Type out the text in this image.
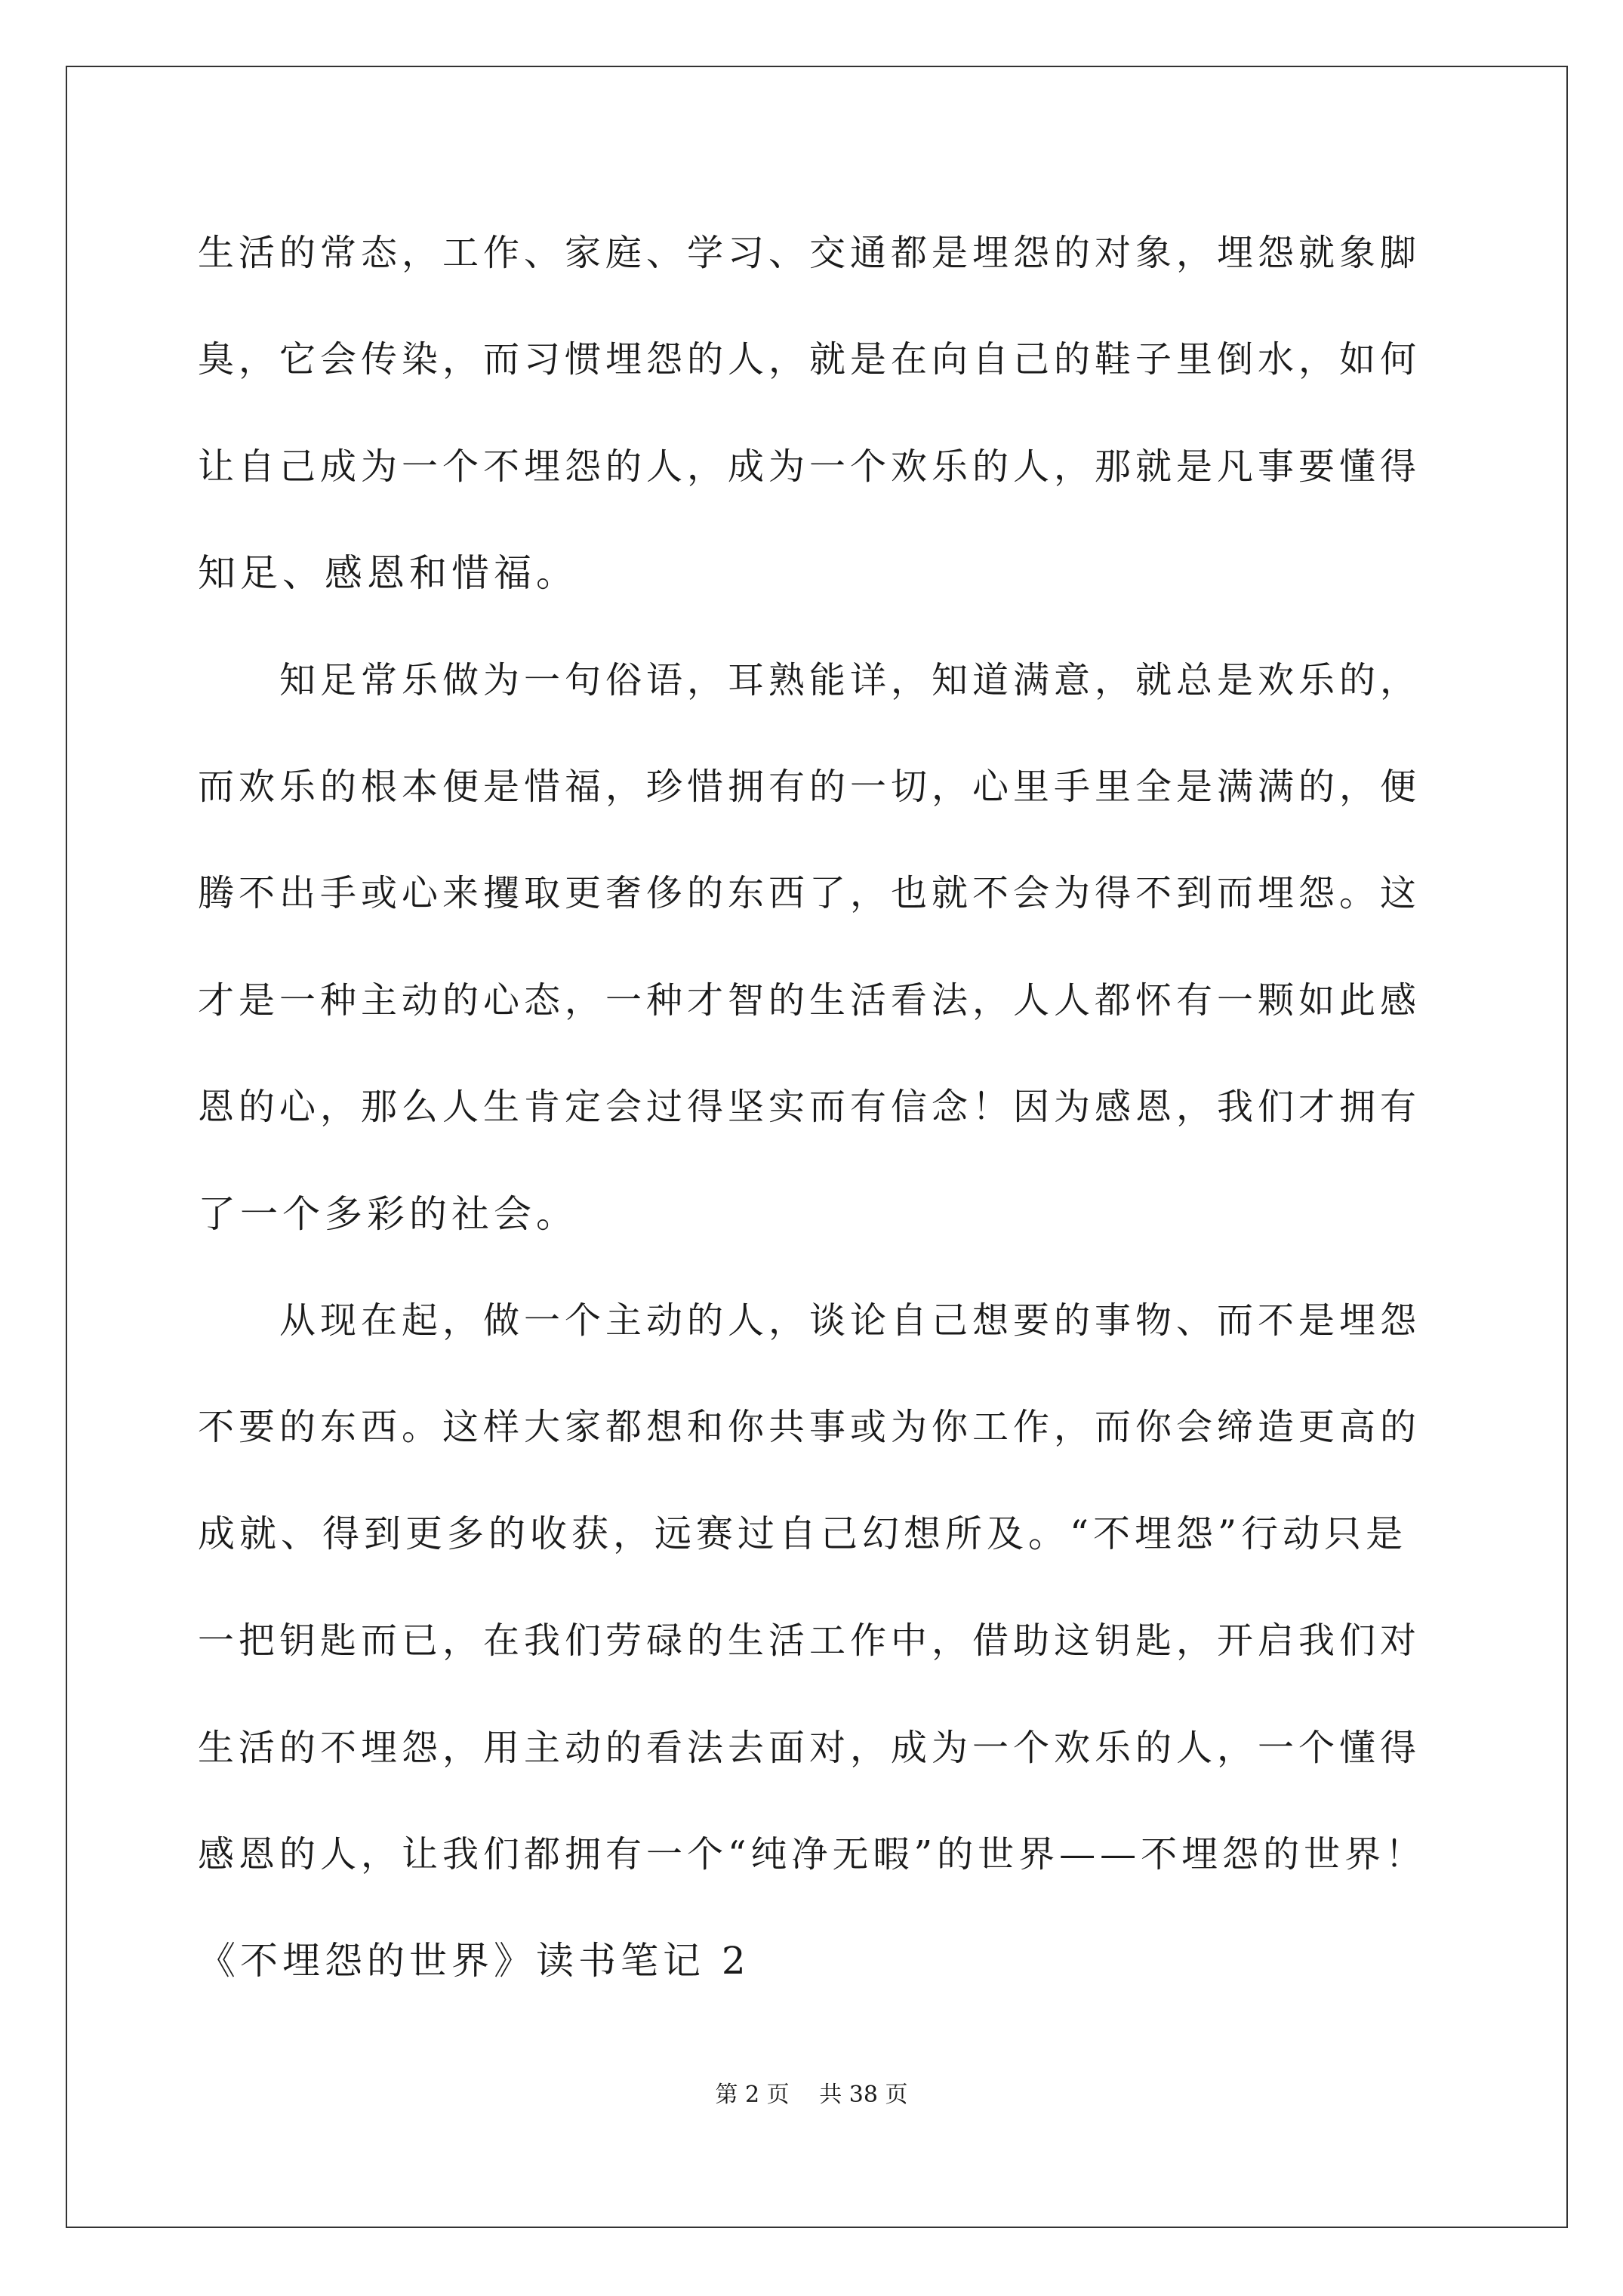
生活的常态，工作、家庭、学习、交通都是埋怨的对象，埋怨就象脚
臭，它会传染，而习惯埋怨的人，就是在向自己的鞋子里倒水，如何
让自己成为一个不埋怨的人，成为一个欢乐的人，那就是凡事要懂得
知足、感恩和惜福。
　　知足常乐做为一句俗语，耳熟能详，知道满意，就总是欢乐的，
而欢乐的根本便是惜福，珍惜拥有的一切，心里手里全是满满的，便
腾不出手或心来攫取更奢侈的东西了，也就不会为得不到而埋怨。这
才是一种主动的心态，一种才智的生活看法，人人都怀有一颗如此感
恩的心，那么人生肯定会过得坚实而有信念！因为感恩，我们才拥有
了一个多彩的社会。
　　从现在起，做一个主动的人，谈论自己想要的事物、而不是埋怨
不要的东西。这样大家都想和你共事或为你工作，而你会缔造更高的
成就、得到更多的收获，远赛过自己幻想所及。“不埋怨”行动只是
一把钥匙而已，在我们劳碌的生活工作中，借助这钥匙，开启我们对
生活的不埋怨，用主动的看法去面对，成为一个欢乐的人，一个懂得
感恩的人，让我们都拥有一个“纯净无暇”的世界——不埋怨的世界！
《不埋怨的世界》读书笔记 2
第 2 页　 共 38 页
